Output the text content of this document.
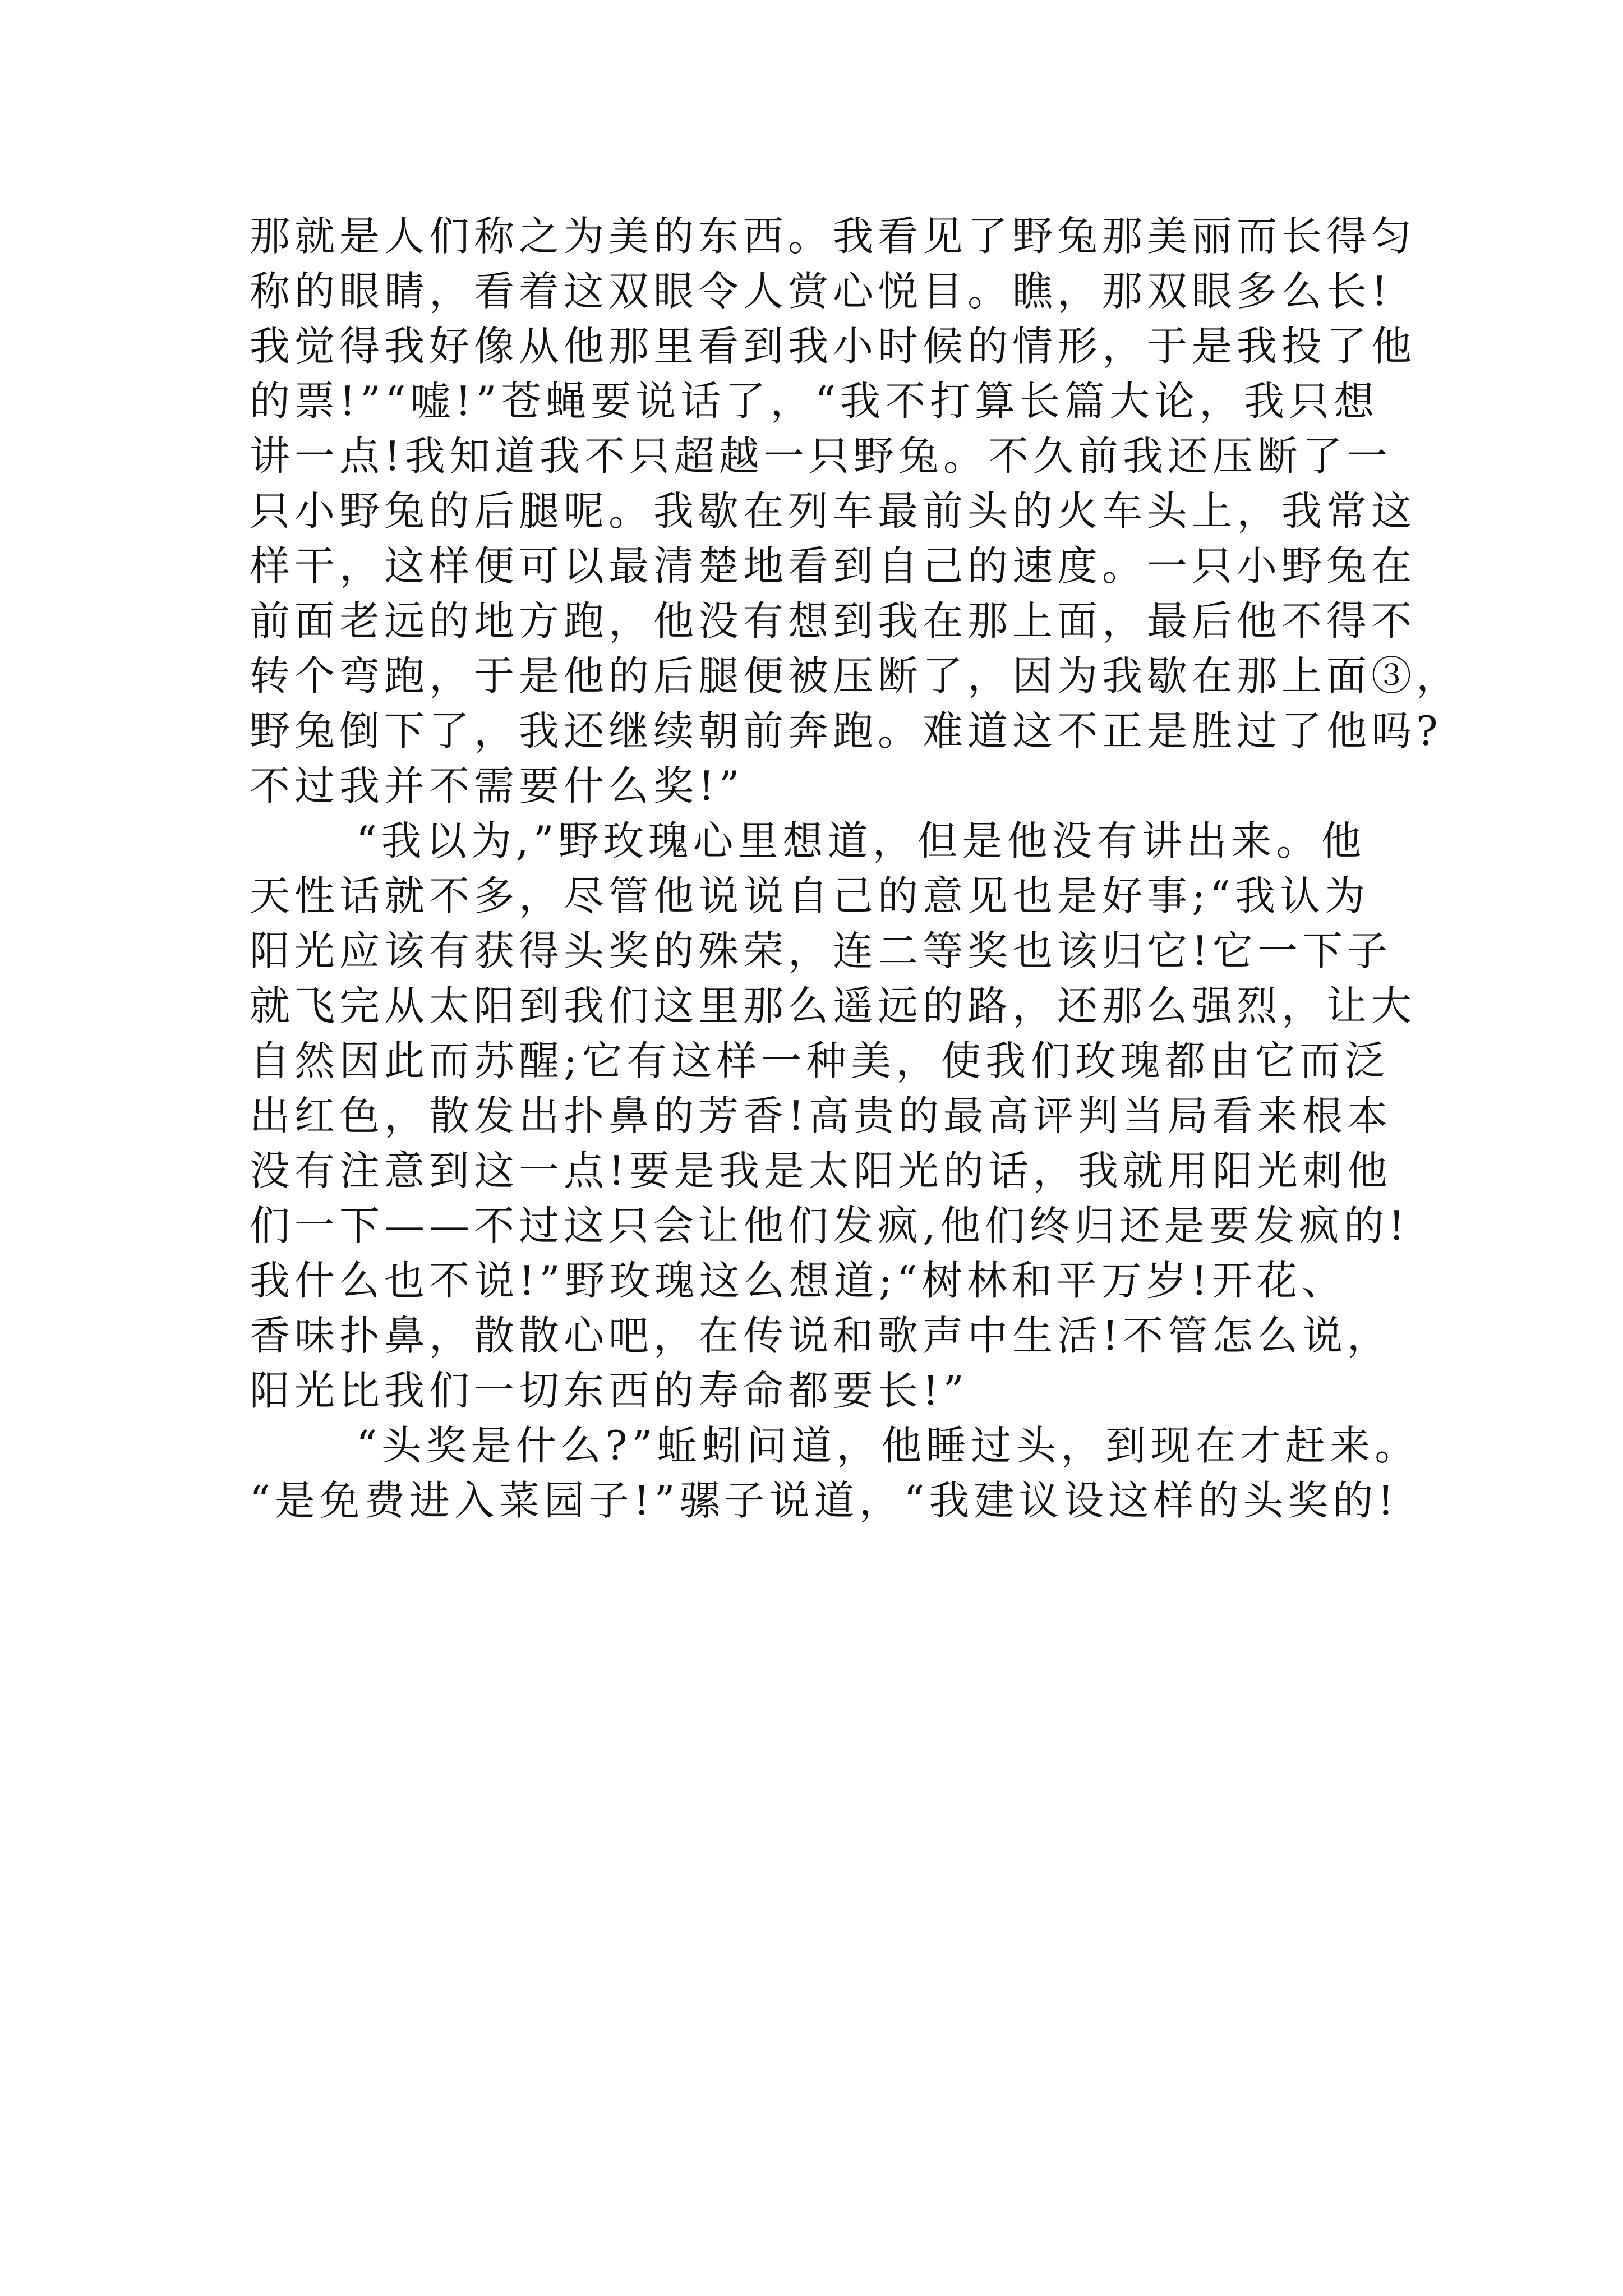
那就是人们称之为美的东西。我看见了野兔那美丽而长得匀
称的眼睛，看着这双眼令人赏心悦目。瞧，那双眼多么长!
我觉得我好像从他那里看到我小时候的情形，于是我投了他
的票!”“嘘!”苍蝇要说话了，“我不打算长篇大论，我只想
讲一点!我知道我不只超越一只野兔。不久前我还压断了一
只小野兔的后腿呢。我歇在列车最前头的火车头上，我常这
样干，这样便可以最清楚地看到自己的速度。一只小野兔在
前面老远的地方跑，他没有想到我在那上面，最后他不得不
转个弯跑，于是他的后腿便被压断了，因为我歇在那上面③，
野兔倒下了，我还继续朝前奔跑。难道这不正是胜过了他吗?
不过我并不需要什么奖!”
“我以为,”野玫瑰心里想道，但是他没有讲出来。他
天性话就不多，尽管他说说自己的意见也是好事;“我认为
阳光应该有获得头奖的殊荣，连二等奖也该归它!它一下子
就飞完从太阳到我们这里那么遥远的路，还那么强烈，让大
自然因此而苏醒;它有这样一种美，使我们玫瑰都由它而泛
出红色，散发出扑鼻的芳香!高贵的最高评判当局看来根本
没有注意到这一点!要是我是太阳光的话，我就用阳光刺他
们一下——不过这只会让他们发疯,他们终归还是要发疯的!
我什么也不说!”野玫瑰这么想道;“树林和平万岁!开花、
香味扑鼻，散散心吧，在传说和歌声中生活!不管怎么说，
阳光比我们一切东西的寿命都要长!”
“头奖是什么?”蚯蚓问道，他睡过头，到现在才赶来。
“是免费进入菜园子!”骡子说道，“我建议设这样的头奖的!
